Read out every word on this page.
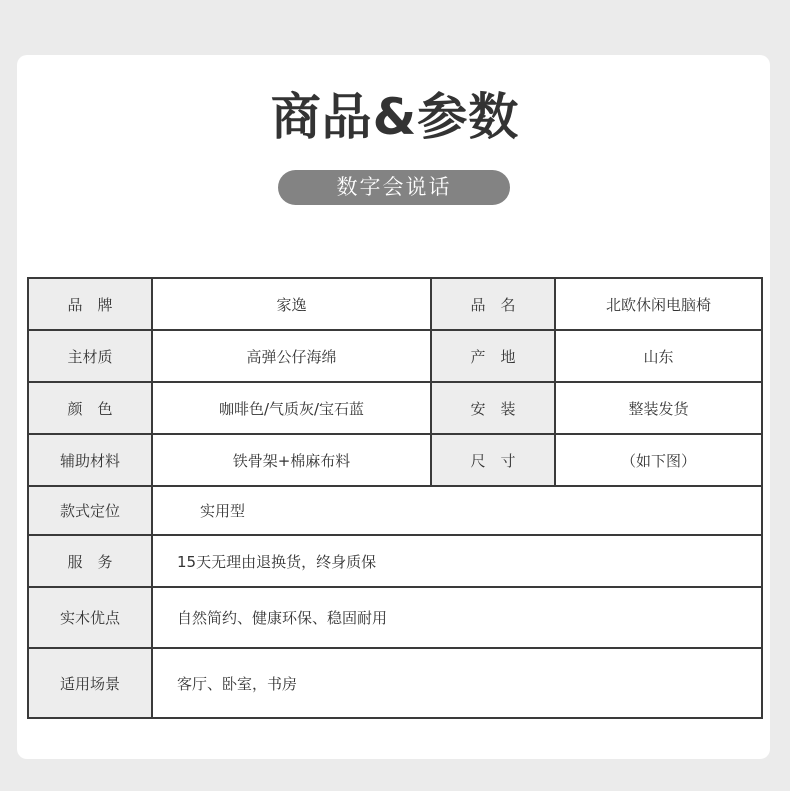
商品&参数
数字会说话
品　牌	家逸	品　名	北欧休闲电脑椅
主材质	高弹公仔海绵	产　地	山东
颜　色	咖啡色/气质灰/宝石蓝	安　装	整装发货
辅助材料	铁骨架+棉麻布料	尺　寸	（如下图）
款式定位	实用型
服　务	15天无理由退换货，终身质保
实木优点	自然简约、健康环保、稳固耐用
适用场景	客厅、卧室，书房
